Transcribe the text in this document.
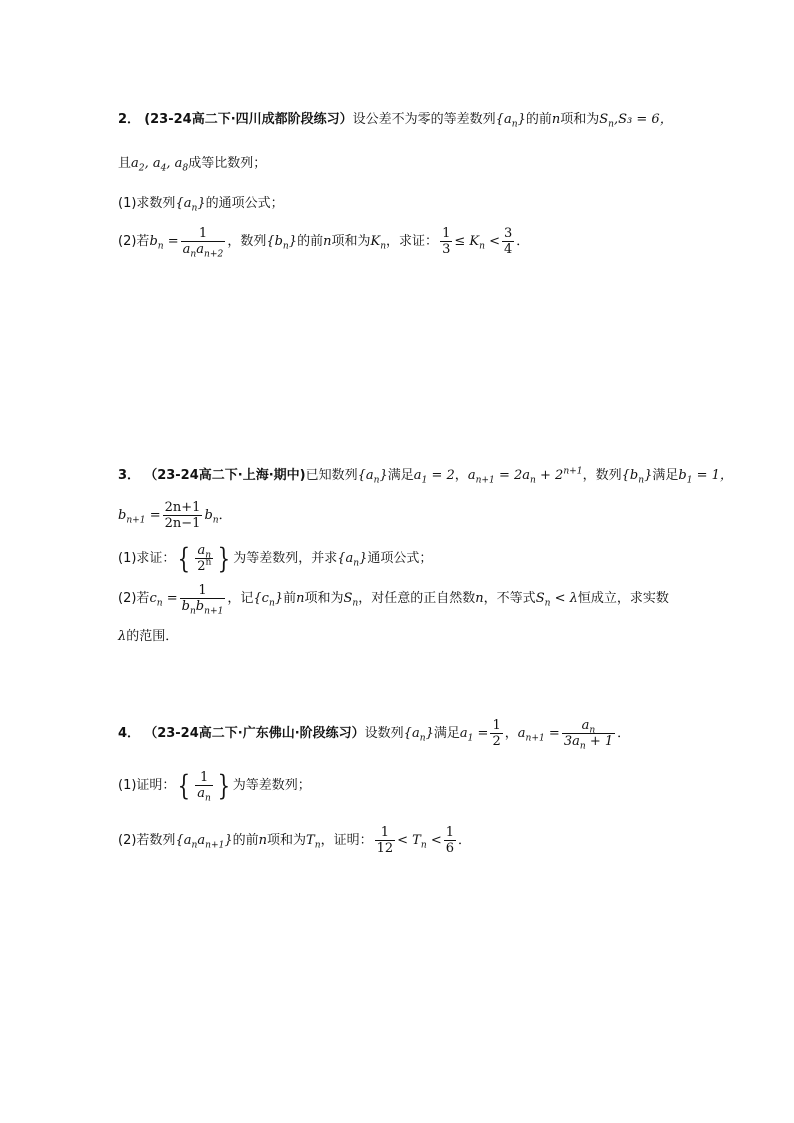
2． (23-24高二下·四川成都阶段练习）设公差不为零的等差数列$\{a_n\}$的前n项和为$S_n,S_3 = 6$，
且$a_2$, $a_4$, $a_8$成等比数列；
(1)求数列$\{a_n\}$的通项公式；
(2)若$b_n = \frac{1}{a_na_{n+2}}$ ，数列$\{b_n\}$的前n项和为$K_n$，求证： $\frac{1}{3} \le K_n < \frac{3}{4}$ ．
3． （23-24高二下·上海·期中)已知数列$\{a_n\}$满足$a_1 = 2$，$a_{n+1} = 2a_n + 2^{n+1}$，数列$\{b_n\}$满足$b_1 = 1$，
$b_{n+1} = \frac{2n+1}{2n-1} b_n$．
(1)求证：{ $\frac{a_n}{2^n}$ } 为等差数列，并求$\{a_n\}$通项公式；
(2)若$c_n = \frac{1}{b_nb_{n+1}}$ ，记$\{c_n\}$前n项和为$S_n$，对任意的正自然数n，不等式$S_n < \lambda$恒成立，求实数
λ的范围．
4． （23-24高二下·广东佛山·阶段练习）设数列$\{a_n\}$满足$a_1 = \frac{1}{2}$ ，$a_{n+1} = \frac{a_n}{3a_n + 1}$ ．
(1)证明：{ $\frac{1}{a_n}$ } 为等差数列；
(2)若数列$\{a_na_{n+1}\}$的前n项和为$T_n$，证明： $\frac{1}{12} < T_n < \frac{1}{6}$ ．
